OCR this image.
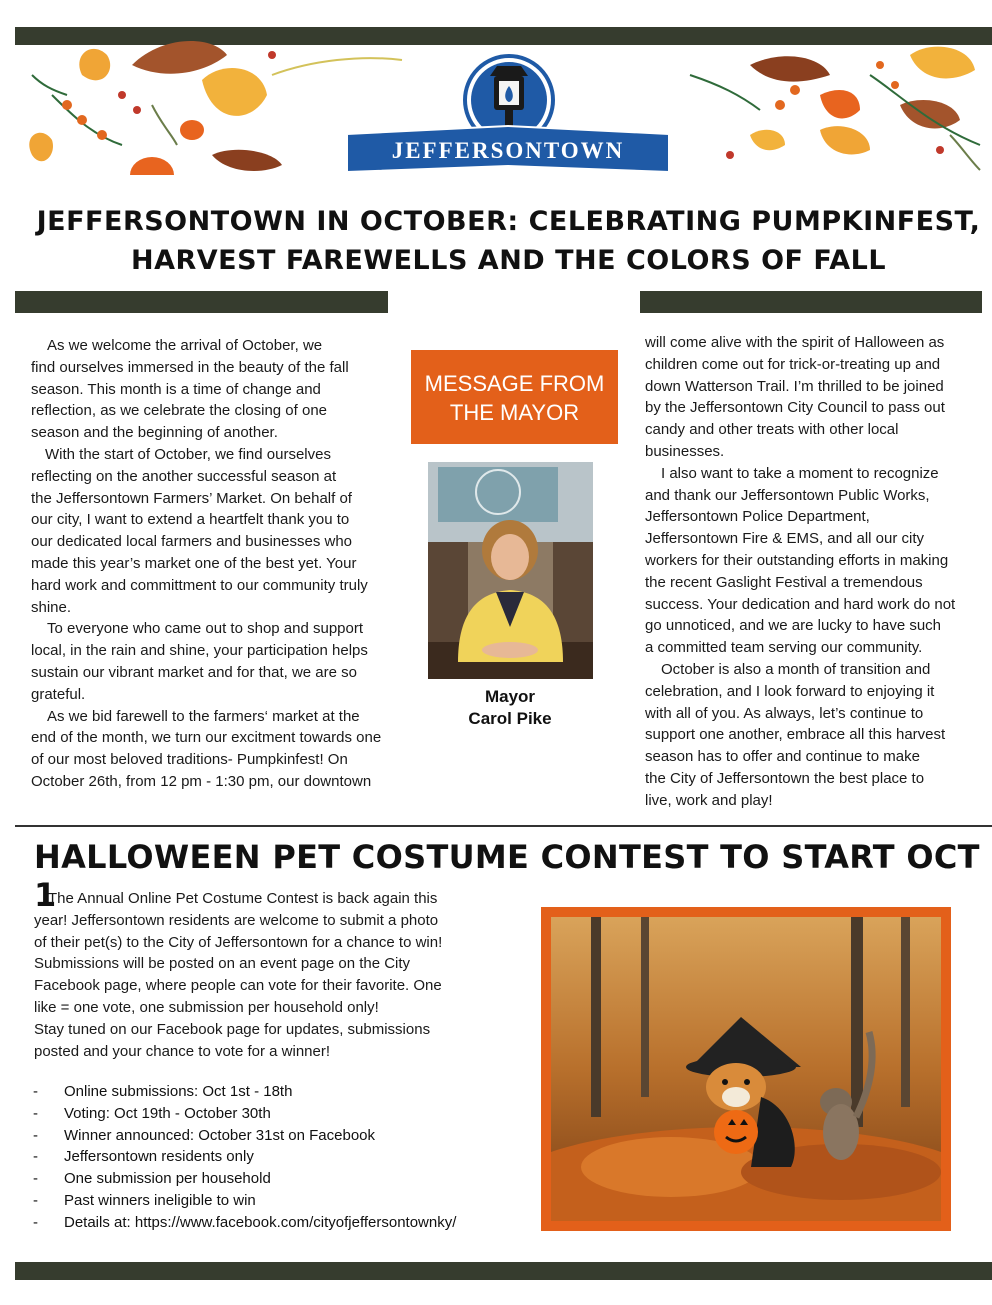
JEFFERSONTOWN
JEFFERSONTOWN IN OCTOBER: CELEBRATING PUMPKINFEST,
HARVEST FAREWELLS AND THE COLORS OF FALL

As we welcome the arrival of October, we

find ourselves immersed in the beauty of the fall

season. This month is a time of change and

reflection, as we celebrate the closing of one

season and the beginning of another.

With the start of October, we find ourselves

reflecting on the another successful season at

the Jeffersontown Farmers’ Market. On behalf of

our city, I want to extend a heartfelt thank you to

our dedicated local farmers and businesses who

made this year’s market one of the best yet. Your

hard work and committment to our community truly

shine.

To everyone who came out to shop and support

local, in the rain and shine, your participation helps

sustain our vibrant market and for that, we are so

grateful.

As we bid farewell to the farmers‘ market at the

end of the month, we turn our excitment towards one

of our most beloved traditions- Pumpkinfest! On

October 26th, from 12 pm - 1:30 pm, our downtown

MESSAGE FROM
THE MAYOR
Mayor
Carol Pike

will come alive with the spirit of Halloween as

children come out for trick-or-treating up and

down Watterson Trail. I’m thrilled to be joined

by the Jeffersontown City Council to pass out

candy and other treats with other local

businesses.

I also want to take a moment to recognize

and thank our Jeffersontown Public Works,

Jeffersontown Police Department,

Jeffersontown Fire & EMS, and all our city

workers for their outstanding efforts in making

the recent Gaslight Festival a tremendous

success. Your dedication and hard work do not

go unnoticed, and we are lucky to have such

a committed team serving our community.

October is also a month of transition and

celebration, and I look forward to enjoying it

with all of you. As always, let’s continue to

support one another, embrace all this harvest

season has to offer and continue to make

the City of Jeffersontown the best place to

live, work and play!

HALLOWEEN PET COSTUME CONTEST TO START OCT 1

The Annual Online Pet Costume Contest is back again this

year! Jeffersontown residents are welcome to submit a photo

of their pet(s) to the City of Jeffersontown for a chance to win!

Submissions will be posted on an event page on the City

Facebook page, where people can vote for their favorite. One

like = one vote, one submission per household only!

Stay tuned on our Facebook page for updates, submissions

posted and your chance to vote for a winner!

- Online submissions: Oct 1st - 18th
- Voting: Oct 19th - October 30th
- Winner announced: October 31st on Facebook
- Jeffersontown residents only
- One submission per household
- Past winners ineligible to win
- Details at: https://www.facebook.com/cityofjeffersontownky/
